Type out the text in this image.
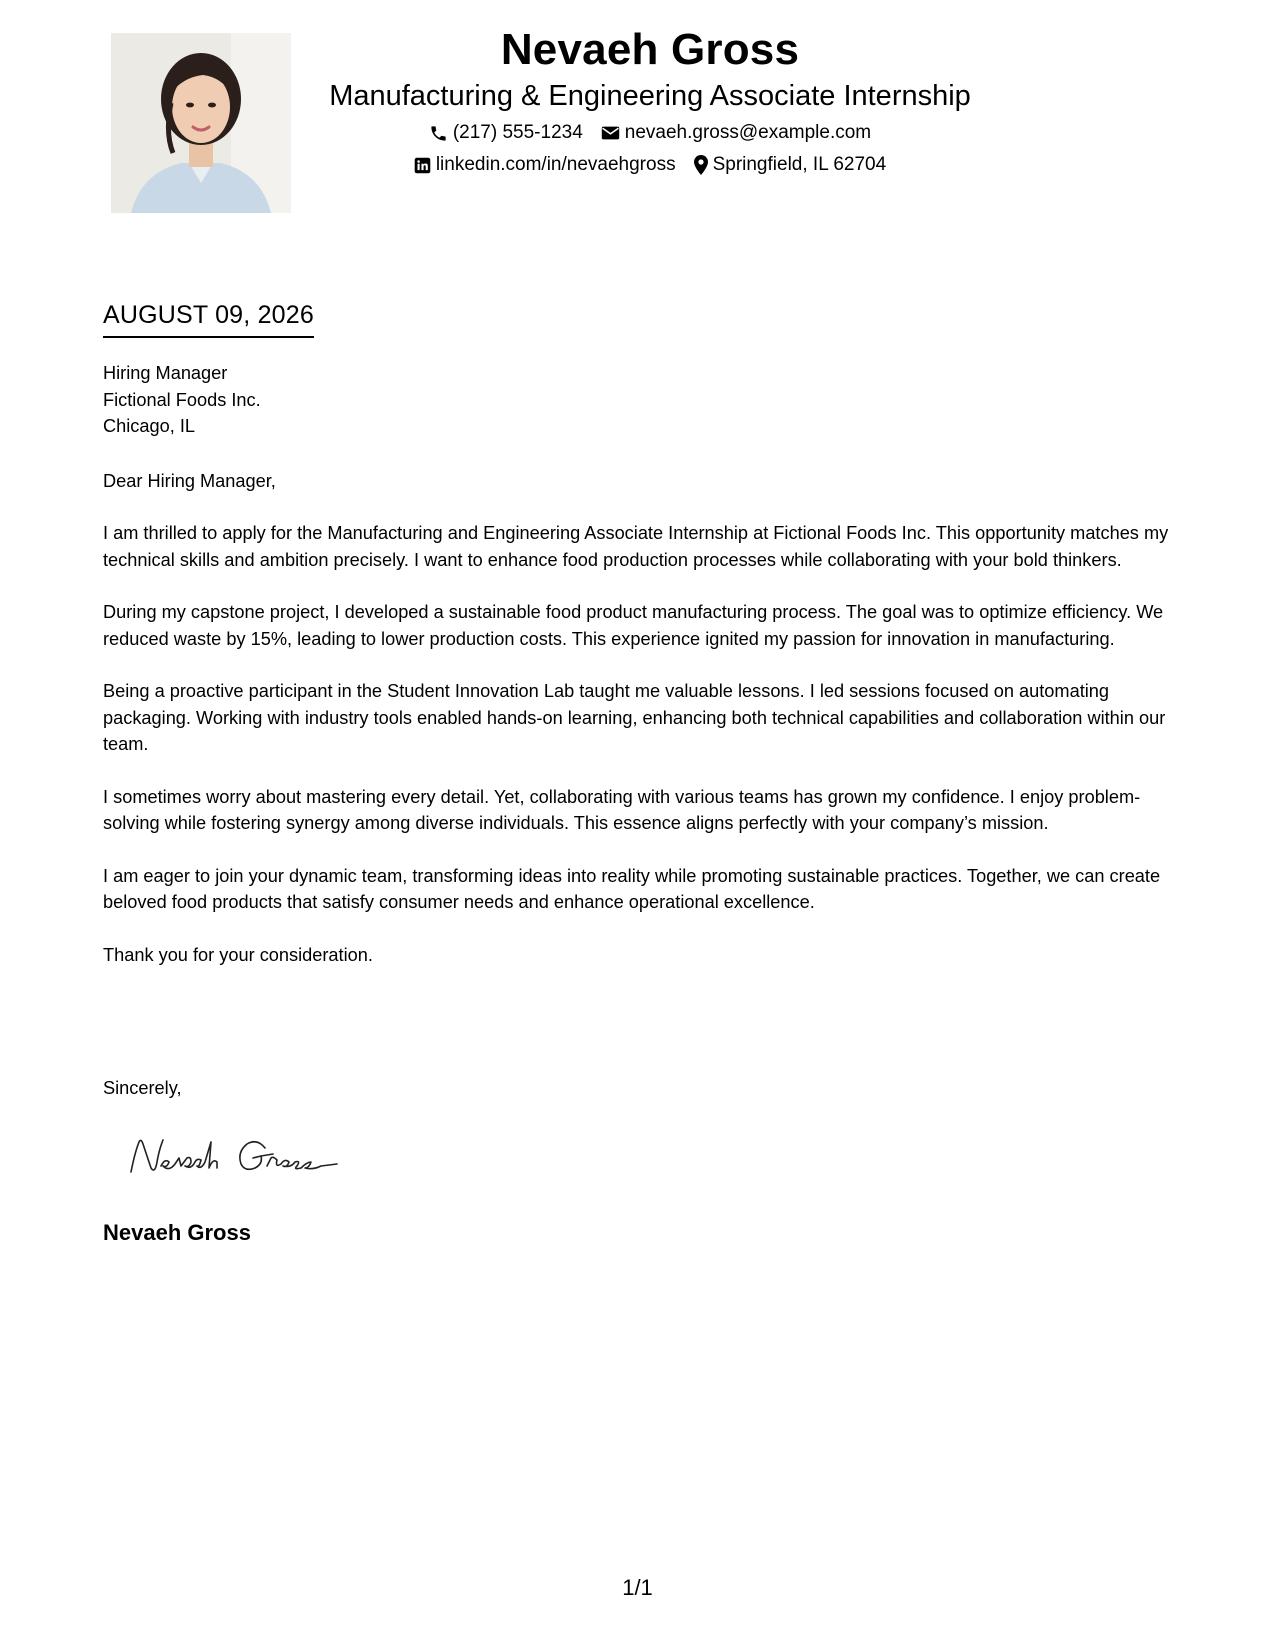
Nevaeh Gross
Manufacturing & Engineering Associate Internship
(217) 555-1234 nevaeh.gross@example.com
linkedin.com/in/nevaehgross Springfield, IL 62704
AUGUST 09, 2026
Hiring Manager
Fictional Foods Inc.
Chicago, IL
Dear Hiring Manager,

I am thrilled to apply for the Manufacturing and Engineering Associate Internship at Fictional Foods Inc. This opportunity matches my technical skills and ambition precisely. I want to enhance food production processes while collaborating with your bold thinkers.

During my capstone project, I developed a sustainable food product manufacturing process. The goal was to optimize efficiency. We reduced waste by 15%, leading to lower production costs. This experience ignited my passion for innovation in manufacturing.

Being a proactive participant in the Student Innovation Lab taught me valuable lessons. I led sessions focused on automating packaging. Working with industry tools enabled hands-on learning, enhancing both technical capabilities and collaboration within our team.

I sometimes worry about mastering every detail. Yet, collaborating with various teams has grown my confidence. I enjoy problem-solving while fostering synergy among diverse individuals. This essence aligns perfectly with your company’s mission.

I am eager to join your dynamic team, transforming ideas into reality while promoting sustainable practices. Together, we can create beloved food products that satisfy consumer needs and enhance operational excellence.

Thank you for your consideration.
Sincerely,
Nevaeh Gross
1/1
